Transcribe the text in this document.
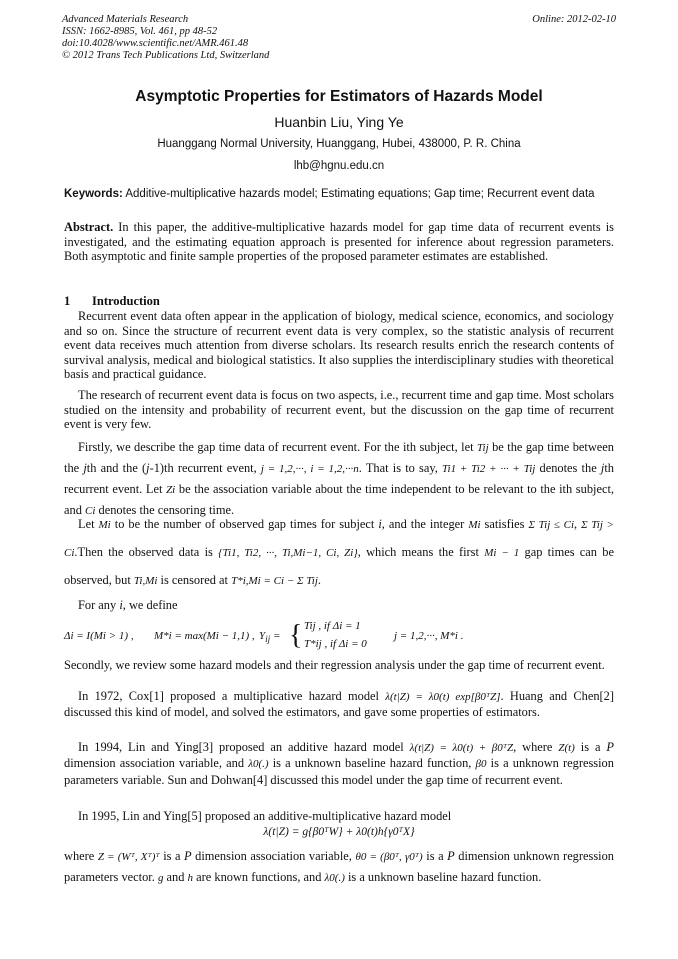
Advanced Materials Research
ISSN: 1662-8985, Vol. 461, pp 48-52
doi:10.4028/www.scientific.net/AMR.461.48
© 2012 Trans Tech Publications Ltd, Switzerland
Online: 2012-02-10
Asymptotic Properties for Estimators of Hazards Model
Huanbin Liu, Ying Ye
Huanggang Normal University, Huanggang, Hubei, 438000, P. R. China
lhb@hgnu.edu.cn
Keywords: Additive-multiplicative hazards model; Estimating equations; Gap time; Recurrent event data
Abstract. In this paper, the additive-multiplicative hazards model for gap time data of recurrent events is investigated, and the estimating equation approach is presented for inference about regression parameters. Both asymptotic and finite sample properties of the proposed parameter estimates are established.
1 Introduction
Recurrent event data often appear in the application of biology, medical science, economics, and sociology and so on. Since the structure of recurrent event data is very complex, so the statistic analysis of recurrent event data receives much attention from diverse scholars. Its research results enrich the research contents of survival analysis, medical and biological statistics. It also supplies the interdisciplinary studies with theoretical basis and practical guidance.
The research of recurrent event data is focus on two aspects, i.e., recurrent time and gap time. Most scholars studied on the intensity and probability of recurrent event, but the discussion on the gap time of recurrent event is very few.
Firstly, we describe the gap time data of recurrent event. For the ith subject, let Tij be the gap time between the jth and the (j-1)th recurrent event, j = 1,2,···, i = 1,2,···n. That is to say, Ti1 + Ti2 + ··· + Tij denotes the jth recurrent event. Let Zi be the association variable about the time independent to be relevant to the ith subject, and Ci denotes the censoring time.
Let Mi to be the number of observed gap times for subject i, and the integer Mi satisfies Σ Tij ≤ Ci, Σ Tij > Ci.Then the observed data is {Ti1, Ti2, ···, Ti,Mi−1, Ci, Zi}, which means the first Mi − 1 gap times can be observed, but Ti,Mi is censored at T*i,Mi = Ci − Σ Tij.
For any i, we define
Δi = I(Mi > 1) , M*i = max(Mi − 1,1) , $Y_{ij}$ = { Tij , if Δi = 1
T*ij , if Δi = 0
j = 1,2,···, M*i .
Secondly, we review some hazard models and their regression analysis under the gap time of recurrent event.
In 1972, Cox[1] proposed a multiplicative hazard model λ(t|Z) = λ0(t) exp[β0ᵀZ]. Huang and Chen[2] discussed this kind of model, and solved the estimators, and gave some properties of estimators.
In 1994, Lin and Ying[3] proposed an additive hazard model λ(t|Z) = λ0(t) + β0ᵀZ, where Z(t) is a P dimension association variable, and λ0(.) is a unknown baseline hazard function, β0 is a unknown regression parameters variable. Sun and Dohwan[4] discussed this model under the gap time of recurrent event.
In 1995, Lin and Ying[5] proposed an additive-multiplicative hazard model
λ(t|Z) = g{β0ᵀW} + λ0(t)h{γ0ᵀX}
where Z = (Wᵀ, Xᵀ)ᵀ is a P dimension association variable, θ0 = (β0ᵀ, γ0ᵀ) is a P dimension unknown regression parameters vector. g and h are known functions, and λ0(.) is a unknown baseline hazard function.
